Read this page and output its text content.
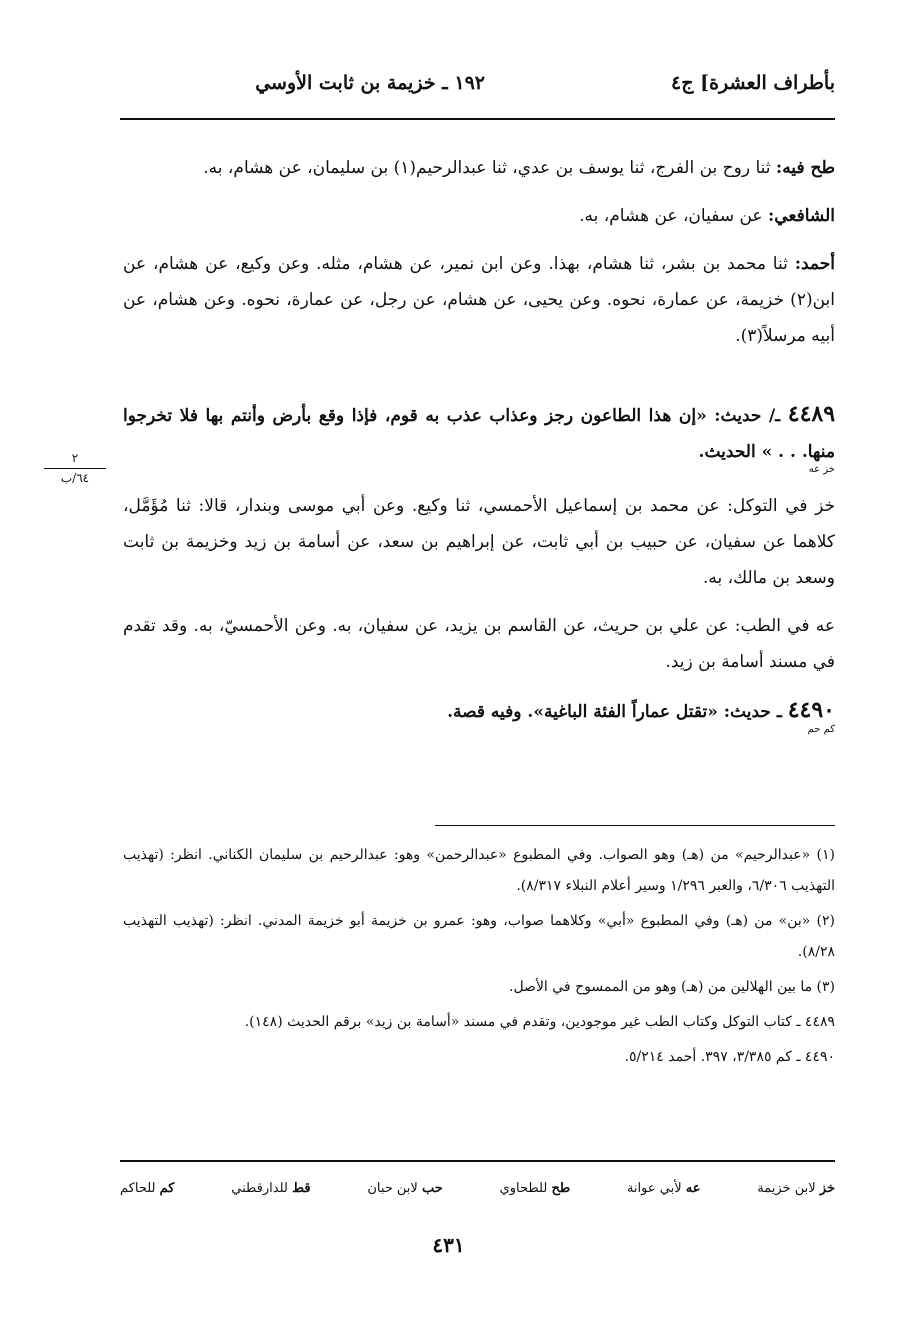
بأطراف العشرة] ج٤
١٩٢ ـ خزيمة بن ثابت الأوسي
٢
٦٤/ب

طح فيه: ثنا روح بن الفرج، ثنا يوسف بن عدي، ثنا عبدالرحيم(١) بن سليمان، عن هشام، به.

الشافعي: عن سفيان، عن هشام، به.

أحمد: ثنا محمد بن بشر، ثنا هشام، بهذا. وعن ابن نمير، عن هشام، مثله. وعن وكيع، عن هشام، عن ابن(٢) خزيمة، عن عمارة، نحوه. وعن يحيى، عن هشام، عن رجل، عن عمارة، نحوه. وعن هشام، عن أبيه مرسلاً(٣).

٤٤٨٩ ـ/ حديث: «إن هذا الطاعون رجز وعذاب عذب به قوم، فإذا وقع بأرض وأنتم بها فلا تخرجوا منها. . . » الحديث.
خز عه

خز في التوكل: عن محمد بن إسماعيل الأحمسي، ثنا وكيع. وعن أبي موسى وبندار، قالا: ثنا مُؤَمَّل، كلاهما عن سفيان، عن حبيب بن أبي ثابت، عن إبراهيم بن سعد، عن أسامة بن زيد وخزيمة بن ثابت وسعد بن مالك، به.

عه في الطب: عن علي بن حريث، عن القاسم بن يزيد، عن سفيان، به. وعن الأحمسيّ، به. وقد تقدم في مسند أسامة بن زيد.

٤٤٩٠ ـ حديث: «تقتل عماراً الفئة الباغية». وفيه قصة.
كم حم

(١) «عبدالرحيم» من (هـ) وهو الصواب. وفي المطبوع «عبدالرحمن» وهو: عبدالرحيم بن سليمان الكناني. انظر: (تهذيب التهذيب ٦/٣٠٦، والعبر ١/٢٩٦ وسير أعلام النبلاء ٨/٣١٧).

(٢) «بن» من (هـ) وفي المطبوع «أبي» وكلاهما صواب، وهو: عمرو بن خزيمة أبو خزيمة المدني. انظر: (تهذيب التهذيب ٨/٢٨).

(٣) ما بين الهلالين من (هـ) وهو من الممسوح في الأصل.

٤٤٨٩ ـ كتاب التوكل وكتاب الطب غير موجودين، وتقدم في مسند «أسامة بن زيد» برقم الحديث (١٤٨).

٤٤٩٠ ـ كم ٣/٣٨٥، ٣٩٧. أحمد ٥/٢١٤.

خز لابن خزيمة
عه لأبي عوانة
طح للطحاوي
حب لابن حبان
قط للدارقطني
كم للحاكم
٤٣١
